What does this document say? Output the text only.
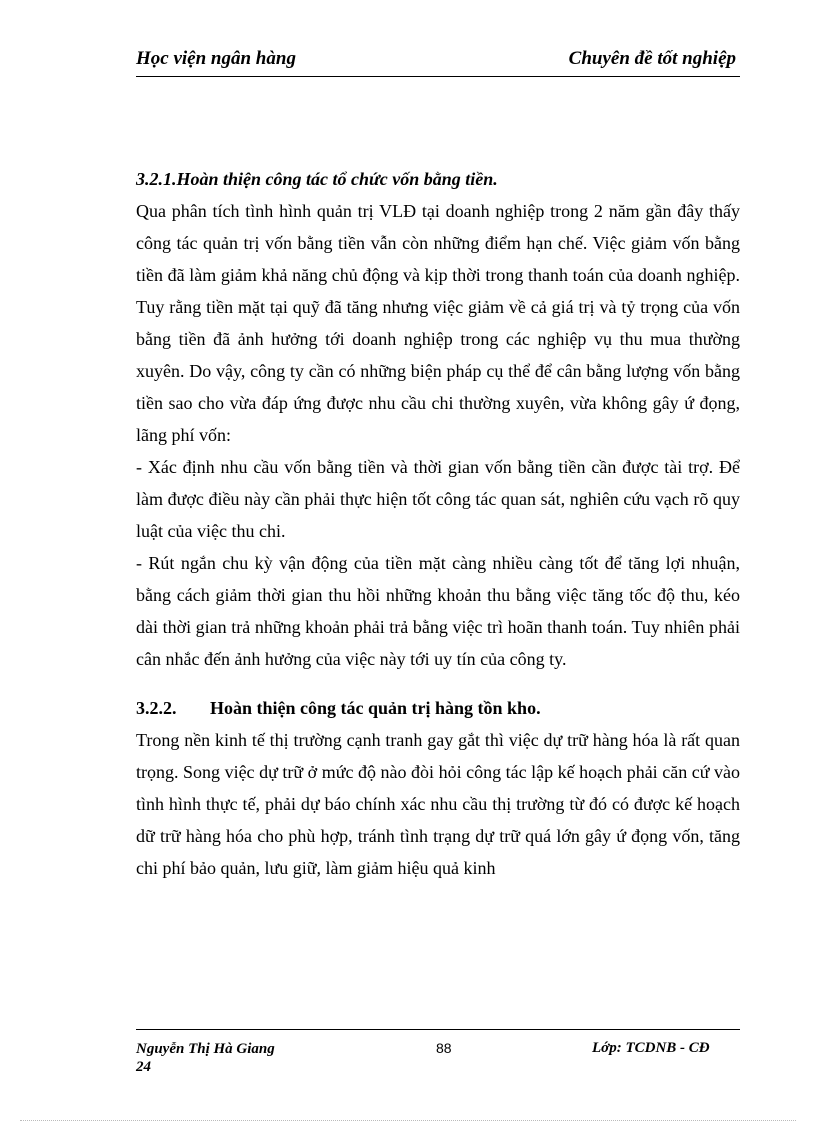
Học viện ngân hàng	Chuyên đề tốt nghiệp

3.2.1.Hoàn thiện công tác tổ chức vốn bằng tiền.

Qua phân tích tình hình quản trị VLĐ tại doanh nghiệp trong 2 năm gần đây thấy công tác quản trị vốn bằng tiền vẫn còn những điểm hạn chế. Việc giảm vốn bằng tiền đã làm giảm khả năng chủ động và kịp thời trong thanh toán của doanh nghiệp. Tuy rằng tiền mặt tại quỹ đã tăng nhưng việc giảm về cả giá trị và tỷ trọng của vốn bằng tiền đã ảnh hưởng tới doanh nghiệp trong các nghiệp vụ thu mua thường xuyên. Do vậy, công ty cần có những biện pháp cụ thể để cân bằng lượng vốn bằng tiền sao cho vừa đáp ứng được nhu cầu chi thường xuyên, vừa không gây ứ đọng, lãng phí vốn:

- Xác định nhu cầu vốn bằng tiền và thời gian vốn bằng tiền cần được tài trợ. Để làm được điều này cần phải thực hiện tốt công tác quan sát, nghiên cứu vạch rõ quy luật của việc thu chi.

- Rút ngắn chu kỳ vận động của tiền mặt càng nhiều càng tốt để tăng lợi nhuận, bằng cách giảm thời gian thu hồi những khoản thu bằng việc tăng tốc độ thu, kéo dài thời gian trả những khoản phải trả bằng việc trì hoãn thanh toán. Tuy nhiên phải cân nhắc đến ảnh hưởng của việc này tới uy tín của công ty.

3.2.2. Hoàn thiện công tác quản trị hàng tồn kho.

Trong nền kinh tế thị trường cạnh tranh gay gắt thì việc dự trữ hàng hóa là rất quan trọng. Song việc dự trữ ở mức độ nào đòi hỏi công tác lập kế hoạch phải căn cứ vào tình hình thực tế, phải dự báo chính xác nhu cầu thị trường từ đó có được kế hoạch dữ trữ hàng hóa cho phù hợp, tránh tình trạng dự trữ quá lớn gây ứ đọng vốn, tăng chi phí bảo quản, lưu giữ, làm giảm hiệu quả kinh

Nguyễn Thị Hà Giang
24
88	Lớp: TCDNB - CĐ
